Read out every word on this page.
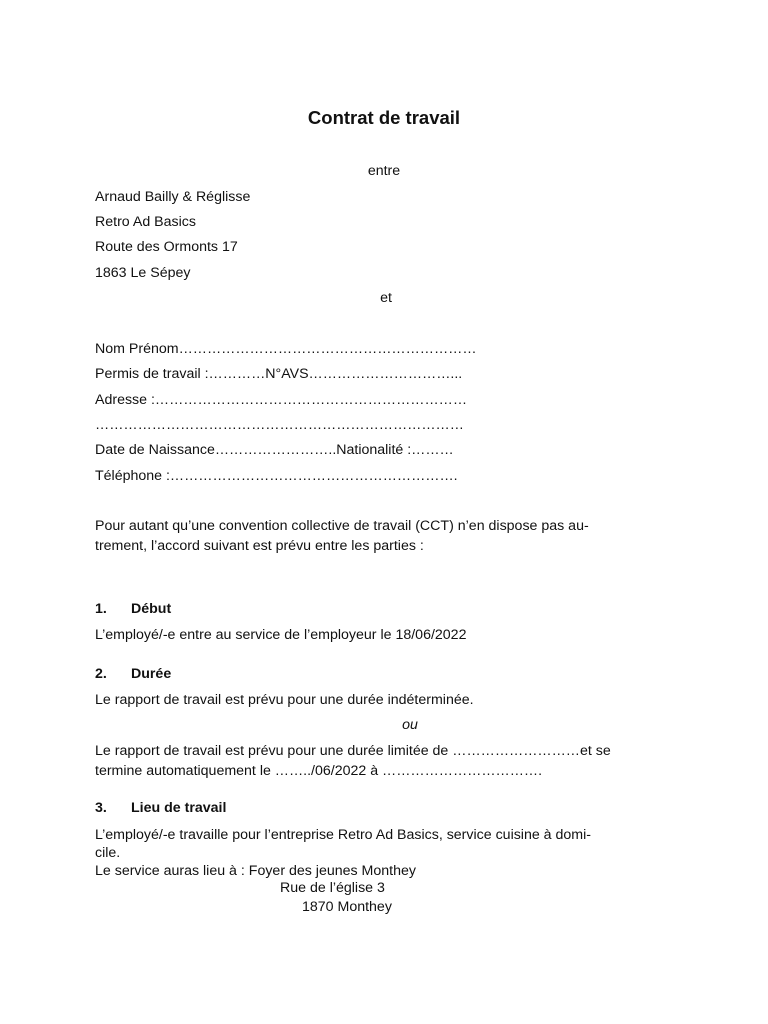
Contrat de travail
entre
Arnaud Bailly & Réglisse
Retro Ad Basics
Route des Ormonts 17
1863 Le Sépey
et
Nom Prénom………………………………………………………
Permis de travail :…………N°AVS…………………………...
Adresse :…………………………………………………………
……………………………………………………………………
Date de Naissance……………………..Nationalité :………
Téléphone :…………………………………………………….
Pour autant qu’une convention collective de travail (CCT) n’en dispose pas au-
trement, l’accord suivant est prévu entre les parties :
1. Début
L’employé/-e entre au service de l’employeur le 18/06/2022
2. Durée
Le rapport de travail est prévu pour une durée indéterminée.
ou
Le rapport de travail est prévu pour une durée limitée de ………………………et se
termine automatiquement le ……../06/2022 à …………………………….
3. Lieu de travail
L’employé/-e travaille pour l’entreprise Retro Ad Basics, service cuisine à domi-
cile.
Le service auras lieu à : Foyer des jeunes Monthey
Rue de l’église 3
1870 Monthey
